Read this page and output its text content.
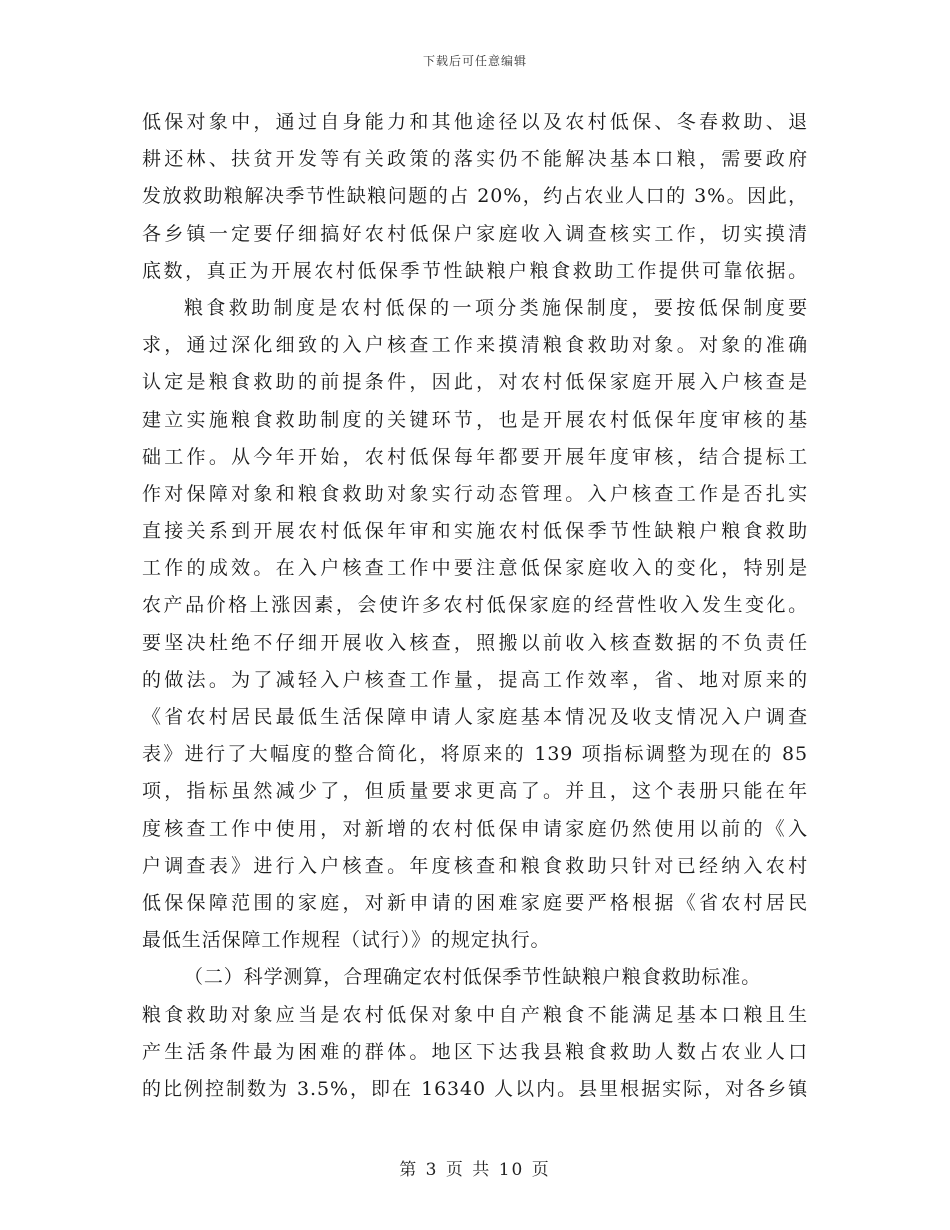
下载后可任意编辑
低保对象中，通过自身能力和其他途径以及农村低保、冬春救助、退
耕还林、扶贫开发等有关政策的落实仍不能解决基本口粮，需要政府
发放救助粮解决季节性缺粮问题的占 20%，约占农业人口的 3%。因此，
各乡镇一定要仔细搞好农村低保户家庭收入调查核实工作，切实摸清
底数，真正为开展农村低保季节性缺粮户粮食救助工作提供可靠依据。
粮食救助制度是农村低保的一项分类施保制度，要按低保制度要
求，通过深化细致的入户核查工作来摸清粮食救助对象。对象的准确
认定是粮食救助的前提条件，因此，对农村低保家庭开展入户核查是
建立实施粮食救助制度的关键环节，也是开展农村低保年度审核的基
础工作。从今年开始，农村低保每年都要开展年度审核，结合提标工
作对保障对象和粮食救助对象实行动态管理。入户核查工作是否扎实
直接关系到开展农村低保年审和实施农村低保季节性缺粮户粮食救助
工作的成效。在入户核查工作中要注意低保家庭收入的变化，特别是
农产品价格上涨因素，会使许多农村低保家庭的经营性收入发生变化。
要坚决杜绝不仔细开展收入核查，照搬以前收入核查数据的不负责任
的做法。为了减轻入户核查工作量，提高工作效率，省、地对原来的
《省农村居民最低生活保障申请人家庭基本情况及收支情况入户调查
表》进行了大幅度的整合简化，将原来的 139 项指标调整为现在的 85
项，指标虽然减少了，但质量要求更高了。并且，这个表册只能在年
度核查工作中使用，对新增的农村低保申请家庭仍然使用以前的《入
户调查表》进行入户核查。年度核查和粮食救助只针对已经纳入农村
低保保障范围的家庭，对新申请的困难家庭要严格根据《省农村居民
最低生活保障工作规程（试行）》的规定执行。
（二）科学测算，合理确定农村低保季节性缺粮户粮食救助标准。
粮食救助对象应当是农村低保对象中自产粮食不能满足基本口粮且生
产生活条件最为困难的群体。地区下达我县粮食救助人数占农业人口
的比例控制数为 3.5%，即在 16340 人以内。县里根据实际，对各乡镇
第 3 页 共 10 页
